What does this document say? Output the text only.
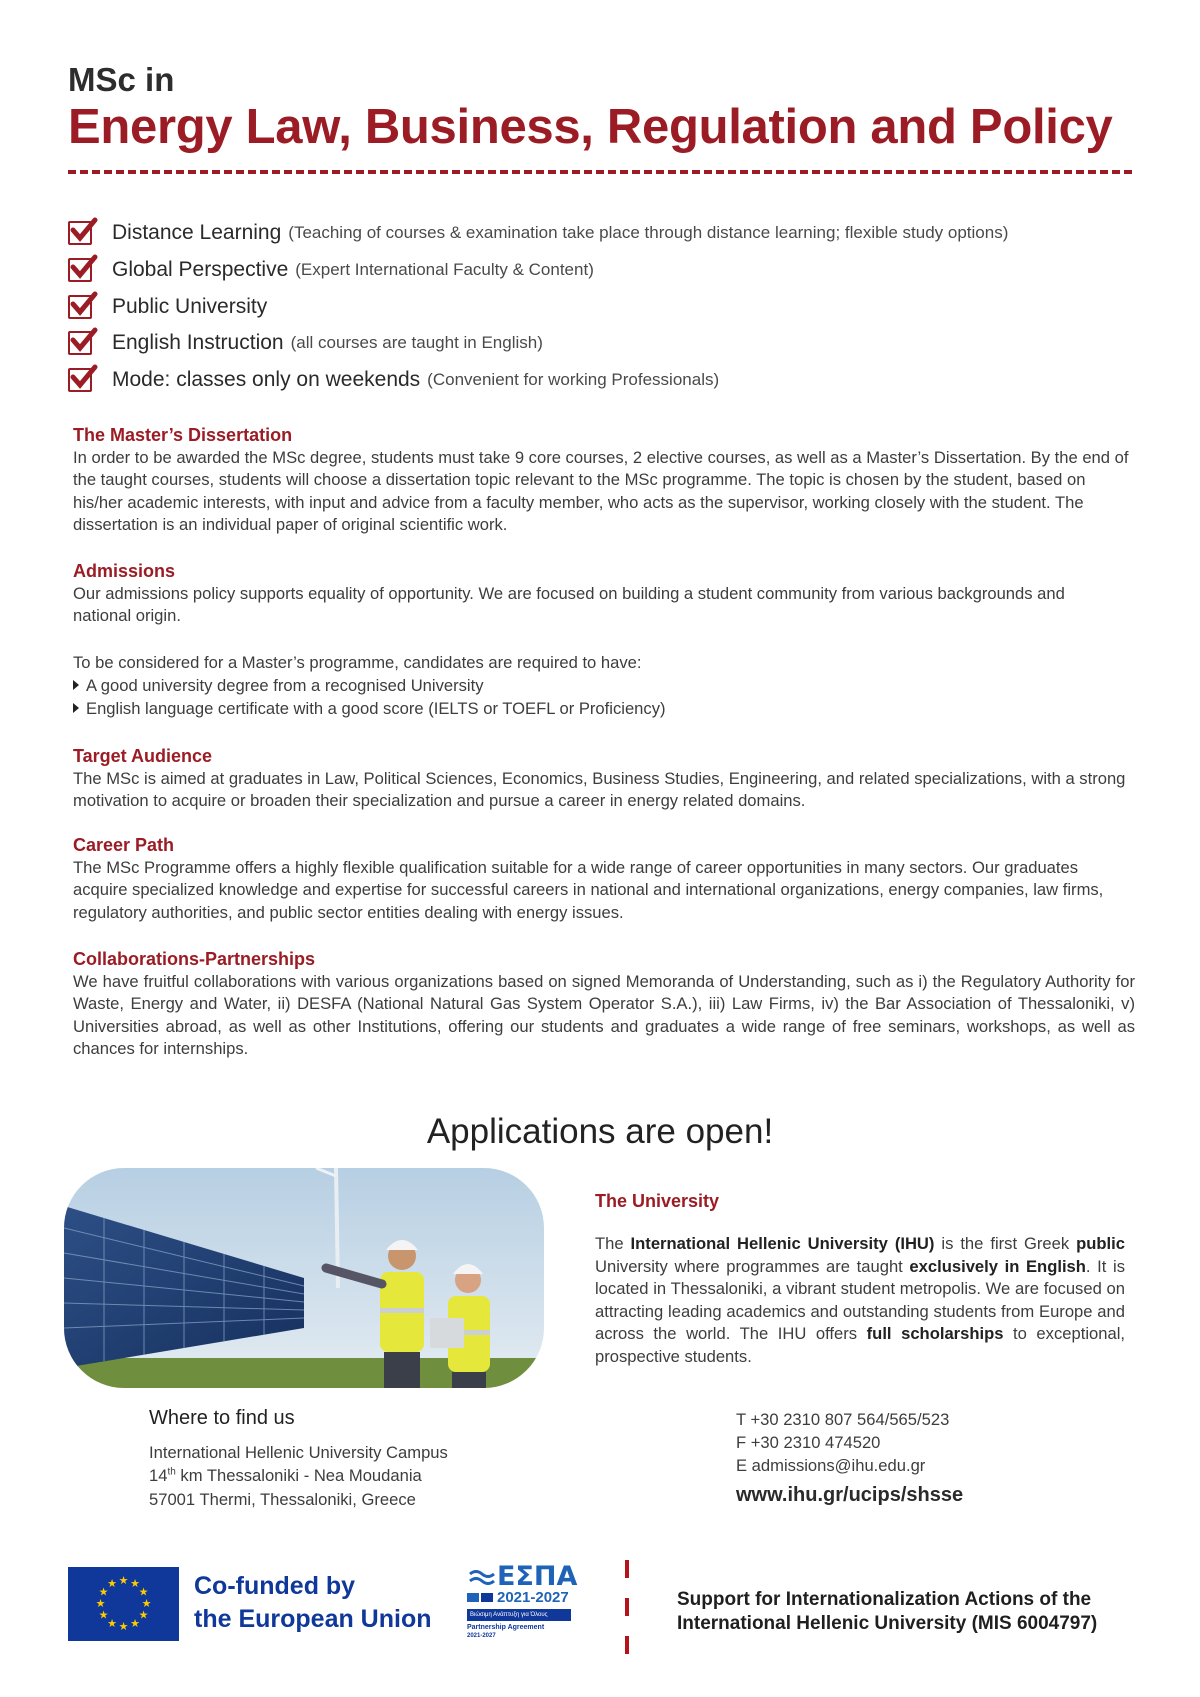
MSc in
Energy Law, Business, Regulation and Policy
Distance Learning (Teaching of courses & examination take place through distance learning; flexible study options)
Global Perspective (Expert International Faculty & Content)
Public University
English Instruction (all courses are taught in English)
Mode: classes only on weekends (Convenient for working Professionals)
The Master’s Dissertation
In order to be awarded the MSc degree, students must take 9 core courses, 2 elective courses, as well as a Master’s Dissertation. By the end of the taught courses, students will choose a dissertation topic relevant to the MSc programme. The topic is chosen by the student, based on his/her academic interests, with input and advice from a faculty member, who acts as the supervisor, working closely with the student. The dissertation is an individual paper of original scientific work.
Admissions
Our admissions policy supports equality of opportunity. We are focused on building a student community from various backgrounds and national origin.
To be considered for a Master’s programme, candidates are required to have:
A good university degree from a recognised University
English language certificate with a good score (IELTS or TOEFL or Proficiency)
Target Audience
The MSc is aimed at graduates in Law, Political Sciences, Economics, Business Studies, Engineering, and related specializations, with a strong motivation to acquire or broaden their specialization and pursue a career in energy related domains.
Career Path
The MSc Programme offers a highly flexible qualification suitable for a wide range of career opportunities in many sectors. Our graduates acquire specialized knowledge and expertise for successful careers in national and international organizations, energy companies, law firms, regulatory authorities, and public sector entities dealing with energy issues.
Collaborations-Partnerships
We have fruitful collaborations with various organizations based on signed Memoranda of Understanding, such as i) the Regulatory Authority for Waste, Energy and Water, ii) DESFA (National Natural Gas System Operator S.A.), iii) Law Firms, iv) the Bar Association of Thessaloniki, v) Universities abroad, as well as other Institutions, offering our students and graduates a wide range of free seminars, workshops, as well as chances for internships.
Applications are open!
The University
The International Hellenic University (IHU) is the first Greek public University where programmes are taught exclusively in English. It is located in Thessaloniki, a vibrant student metropolis. We are focused on attracting leading academics and outstanding students from Europe and across the world. The IHU offers full scholarships to exceptional, prospective students.
Where to find us
International Hellenic University Campus
14th km Thessaloniki - Nea Moudania
57001 Thermi, Thessaloniki, Greece
T +30 2310 807 564/565/523
F +30 2310 474520
E admissions@ihu.edu.gr
www.ihu.gr/ucips/shsse
★ ★
★
★
★
★
★
★
★
★
★
★	Co-funded by
the European Union
ΕΣΠΑ
2021-2027
Βιώσιμη Ανάπτυξη για Όλους
Partnership Agreement
2021-2027
Support for Internationalization Actions of the
International Hellenic University (MIS 6004797)
